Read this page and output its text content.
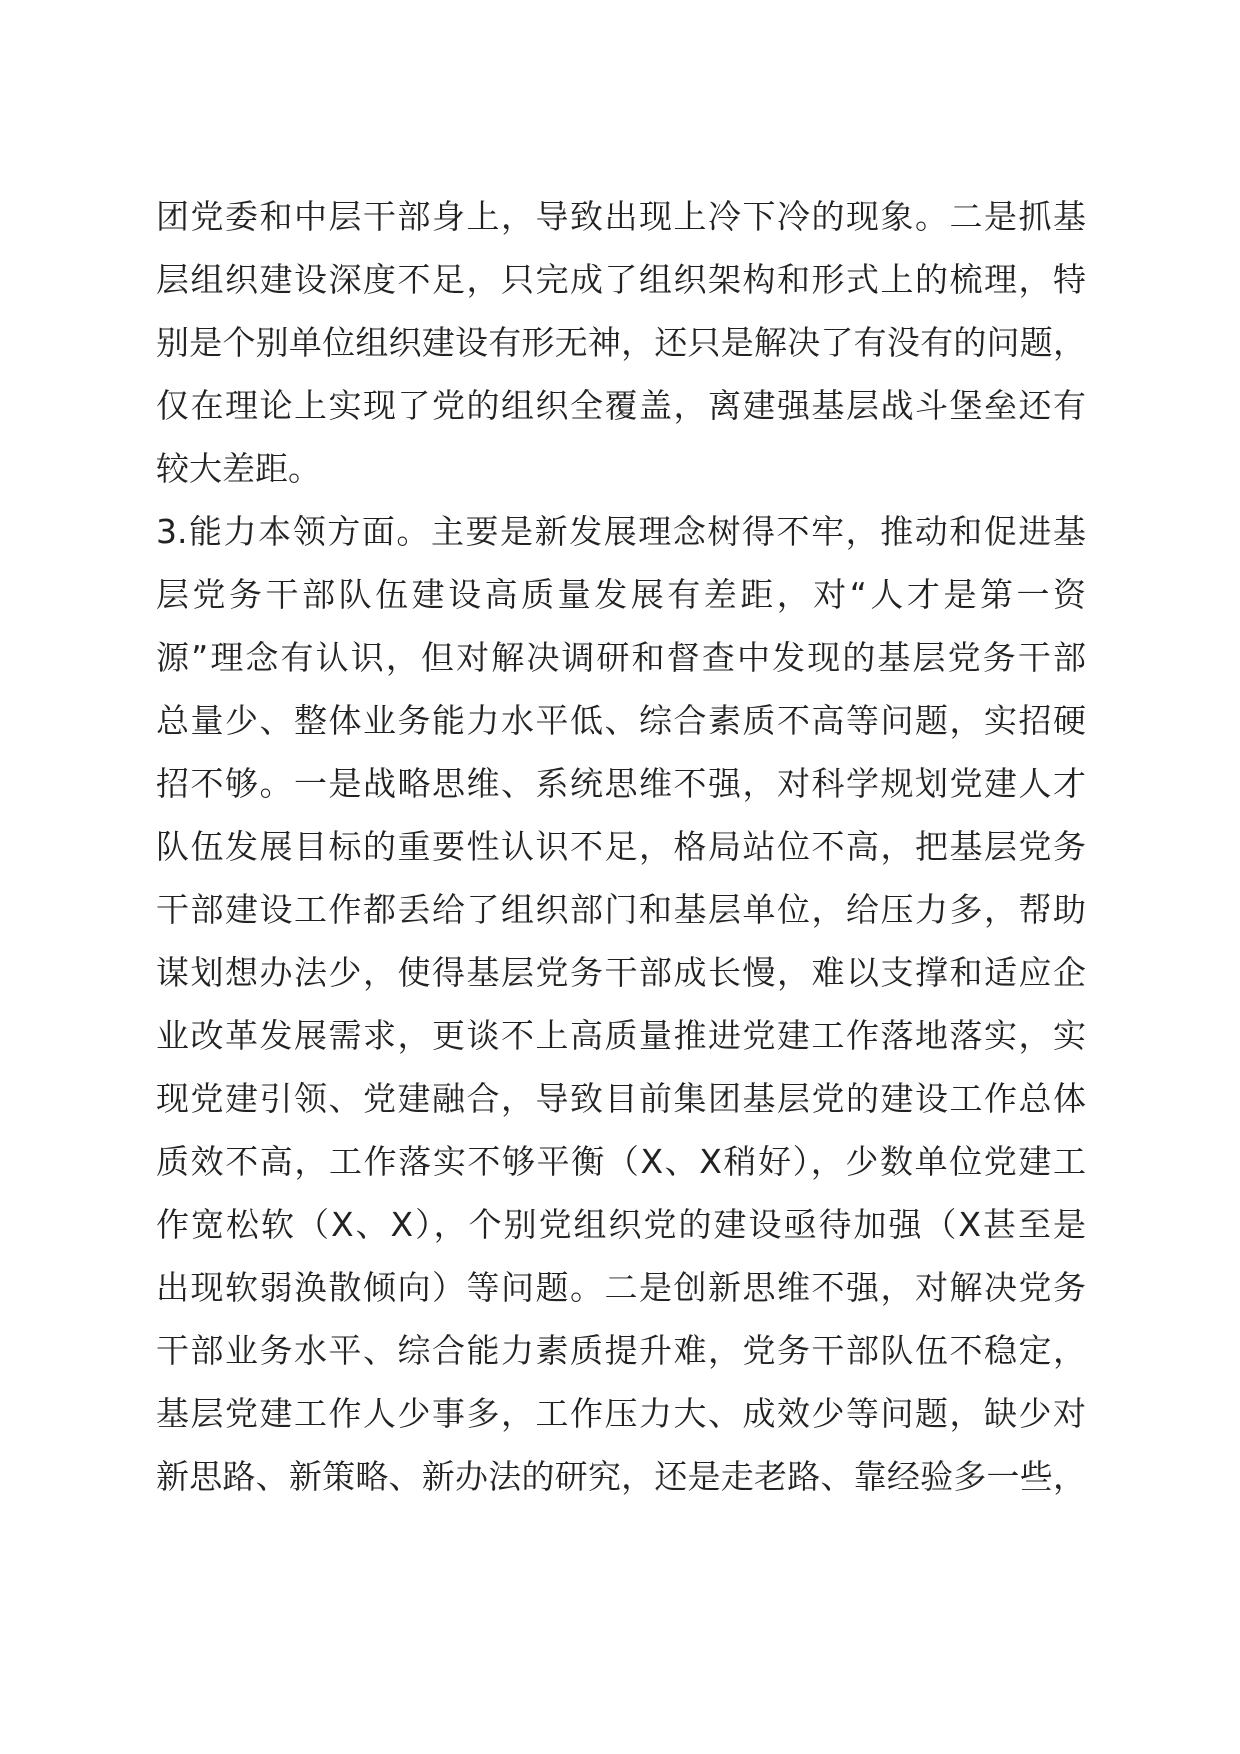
团党委和中层干部身上，导致出现上冷下冷的现象。二是抓基
层组织建设深度不足，只完成了组织架构和形式上的梳理，特
别是个别单位组织建设有形无神，还只是解决了有没有的问题，
仅在理论上实现了党的组织全覆盖，离建强基层战斗堡垒还有
较大差距。
3.能力本领方面。主要是新发展理念树得不牢，推动和促进基
层党务干部队伍建设高质量发展有差距，对“人才是第一资
源”理念有认识，但对解决调研和督查中发现的基层党务干部
总量少、整体业务能力水平低、综合素质不高等问题，实招硬
招不够。一是战略思维、系统思维不强，对科学规划党建人才
队伍发展目标的重要性认识不足，格局站位不高，把基层党务
干部建设工作都丢给了组织部门和基层单位，给压力多，帮助
谋划想办法少，使得基层党务干部成长慢，难以支撑和适应企
业改革发展需求，更谈不上高质量推进党建工作落地落实，实
现党建引领、党建融合，导致目前集团基层党的建设工作总体
质效不高，工作落实不够平衡（X、X稍好），少数单位党建工
作宽松软（X、X），个别党组织党的建设亟待加强（X甚至是
出现软弱涣散倾向）等问题。二是创新思维不强，对解决党务
干部业务水平、综合能力素质提升难，党务干部队伍不稳定，
基层党建工作人少事多，工作压力大、成效少等问题，缺少对
新思路、新策略、新办法的研究，还是走老路、靠经验多一些，
